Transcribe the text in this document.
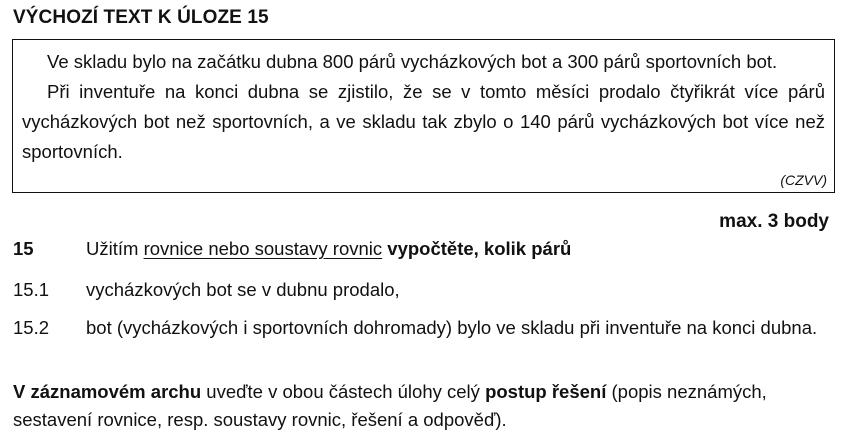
VÝCHOZÍ TEXT K ÚLOZE 15

Ve skladu bylo na začátku dubna 800 párů vycházkových bot a 300 párů sportovních bot.

Při inventuře na konci dubna se zjistilo, že se v tomto měsíci prodalo čtyřikrát více párů vycházkových bot než sportovních, a ve skladu tak zbylo o 140 párů vycházkových bot více než sportovních.

(CZVV)
max. 3 body
15	Užitím rovnice nebo soustavy rovnic vypočtěte, kolik párů
15.1	vycházkových bot se v dubnu prodalo,
15.2	bot (vycházkových i sportovních dohromady) bylo ve skladu při inventuře na konci dubna.
V záznamovém archu uveďte v obou částech úlohy celý postup řešení (popis neznámých, sestavení rovnice, resp. soustavy rovnic, řešení a odpověď).
